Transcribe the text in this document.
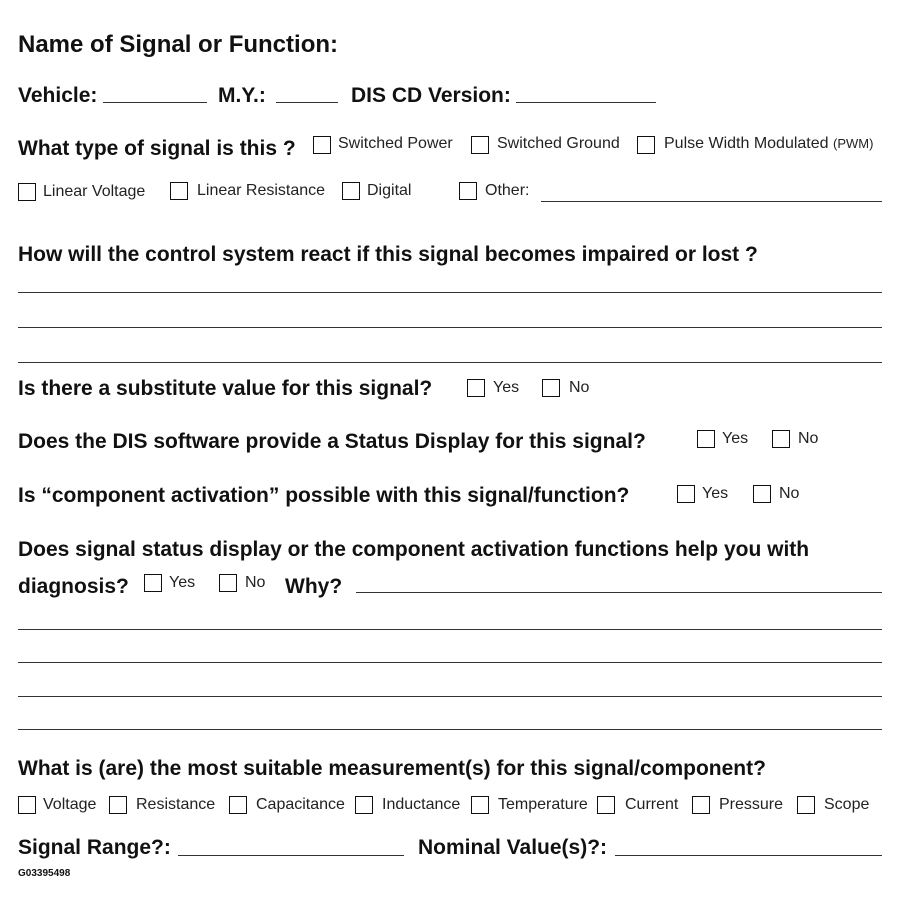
Name of Signal or Function:
Vehicle:	M.Y.:	DIS CD Version:
What type of signal is this ?	Switched Power	Switched Ground	Pulse Width Modulated (PWM)
Linear Voltage	Linear Resistance	Digital	Other:
How will the control system react if this signal becomes impaired or lost ?
Is there a substitute value for this signal?	Yes	No
Does the DIS software provide a Status Display for this signal?	Yes	No
Is “component activation” possible with this signal/function?	Yes	No
Does signal status display or the component activation functions help you with
diagnosis?	Yes	No Why?
What is (are) the most suitable measurement(s) for this signal/component?
Voltage Resistance	Capacitance Inductance Temperature Current	Pressure	Scope
Signal Range?:	Nominal Value(s)?:
G03395498
